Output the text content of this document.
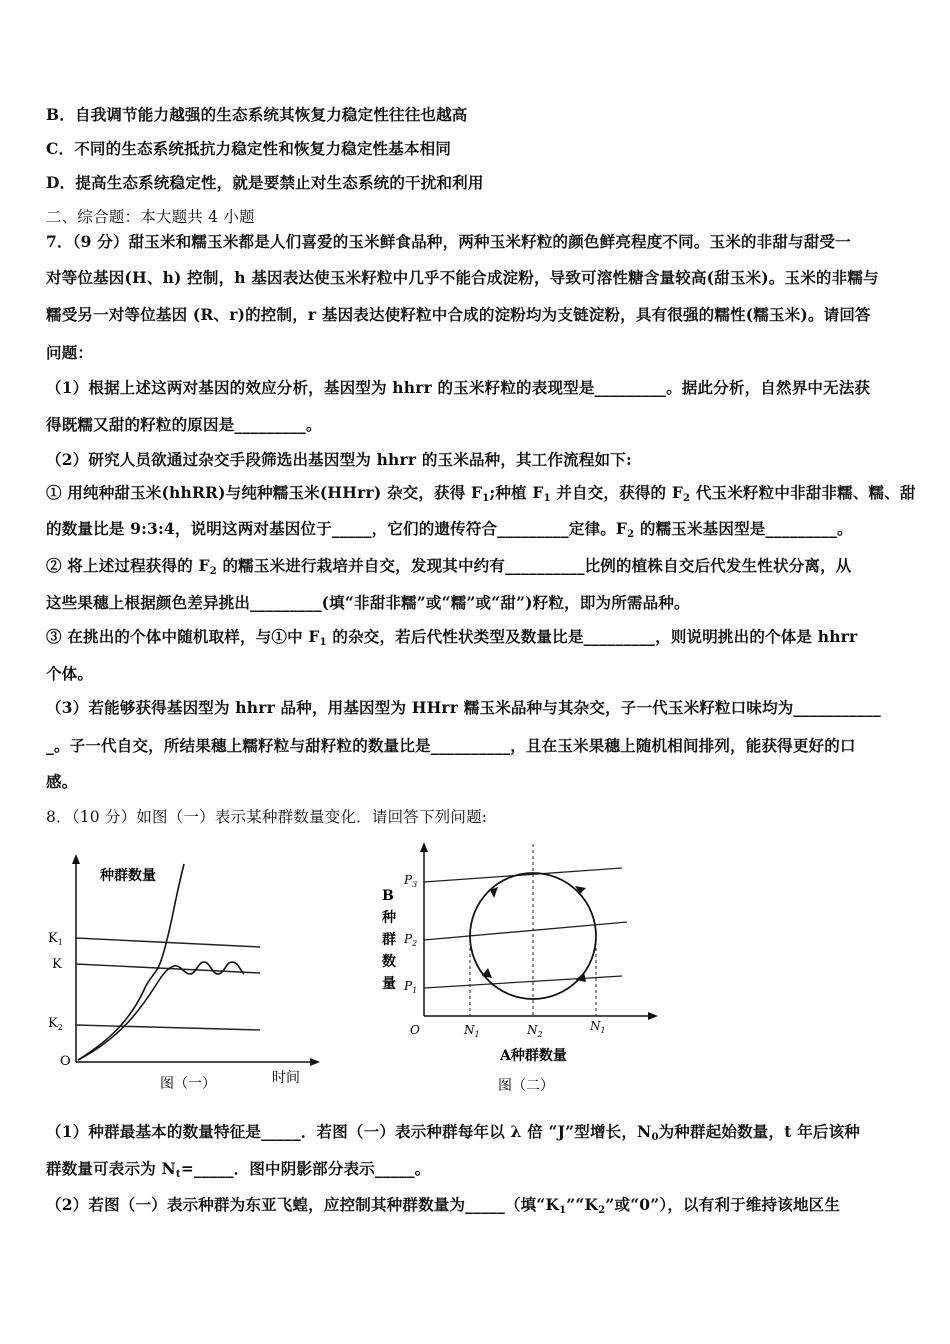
B．自我调节能力越强的生态系统其恢复力稳定性往往也越高
C．不同的生态系统抵抗力稳定性和恢复力稳定性基本相同
D．提高生态系统稳定性，就是要禁止对生态系统的干扰和利用
二、综合题：本大题共 4 小题
7．（9 分）甜玉米和糯玉米都是人们喜爱的玉米鲜食品种，两种玉米籽粒的颜色鲜亮程度不同。玉米的非甜与甜受一
对等位基因(H、h) 控制，h 基因表达使玉米籽粒中几乎不能合成淀粉，导致可溶性糖含量较高(甜玉米)。玉米的非糯与
糯受另一对等位基因 (R、r)的控制，r 基因表达使籽粒中合成的淀粉均为支链淀粉，具有很强的糯性(糯玉米)。请回答
问题：
（1）根据上述这两对基因的效应分析，基因型为 hhrr 的玉米籽粒的表现型是_________。据此分析，自然界中无法获
得既糯又甜的籽粒的原因是_________。
（2）研究人员欲通过杂交手段筛选出基因型为 hhrr 的玉米品种，其工作流程如下:
① 用纯种甜玉米(hhRR)与纯种糯玉米(HHrr) 杂交，获得 $F_1$;种植 $F_1$ 并自交，获得的 $F_2$ 代玉米籽粒中非甜非糯、糯、甜
的数量比是 9:3:4，说明这两对基因位于_____，它们的遗传符合_________定律。$F_2$ 的糯玉米基因型是_________。
② 将上述过程获得的 $F_2$ 的糯玉米进行栽培并自交，发现其中约有__________比例的植株自交后代发生性状分离，从
这些果穗上根据颜色差异挑出_________(填“非甜非糯”或“糯”或“甜”)籽粒，即为所需品种。
③ 在挑出的个体中随机取样，与①中 $F_1$ 的杂交，若后代性状类型及数量比是_________，则说明挑出的个体是 hhrr
个体。
（3）若能够获得基因型为 hhrr 品种，用基因型为 HHrr 糯玉米品种与其杂交，子一代玉米籽粒口味均为___________
_。子一代自交，所结果穗上糯籽粒与甜籽粒的数量比是__________，且在玉米果穗上随机相间排列，能获得更好的口
感。
8．（10 分）如图（一）表示某种群数量变化．请回答下列问题:
种群数量
$K_1$
K
$K_2$
O
图（一）	时间
B
种
群
数
量
$P_3$
$P_2$
$P_1$
O	$N_1$	$N_2$
$N_1$
A种群数量
图（二）
（1）种群最基本的数量特征是_____．若图（一）表示种群每年以 λ 倍 “J”型增长，$N_0$为种群起始数量，t 年后该种
群数量可表示为 $N_t=\_\_\_\_\_$．图中阴影部分表示_____。
（2）若图（一）表示种群为东亚飞蝗，应控制其种群数量为_____（填“$K_1”“K_2$”或“0”），以有利于维持该地区生
